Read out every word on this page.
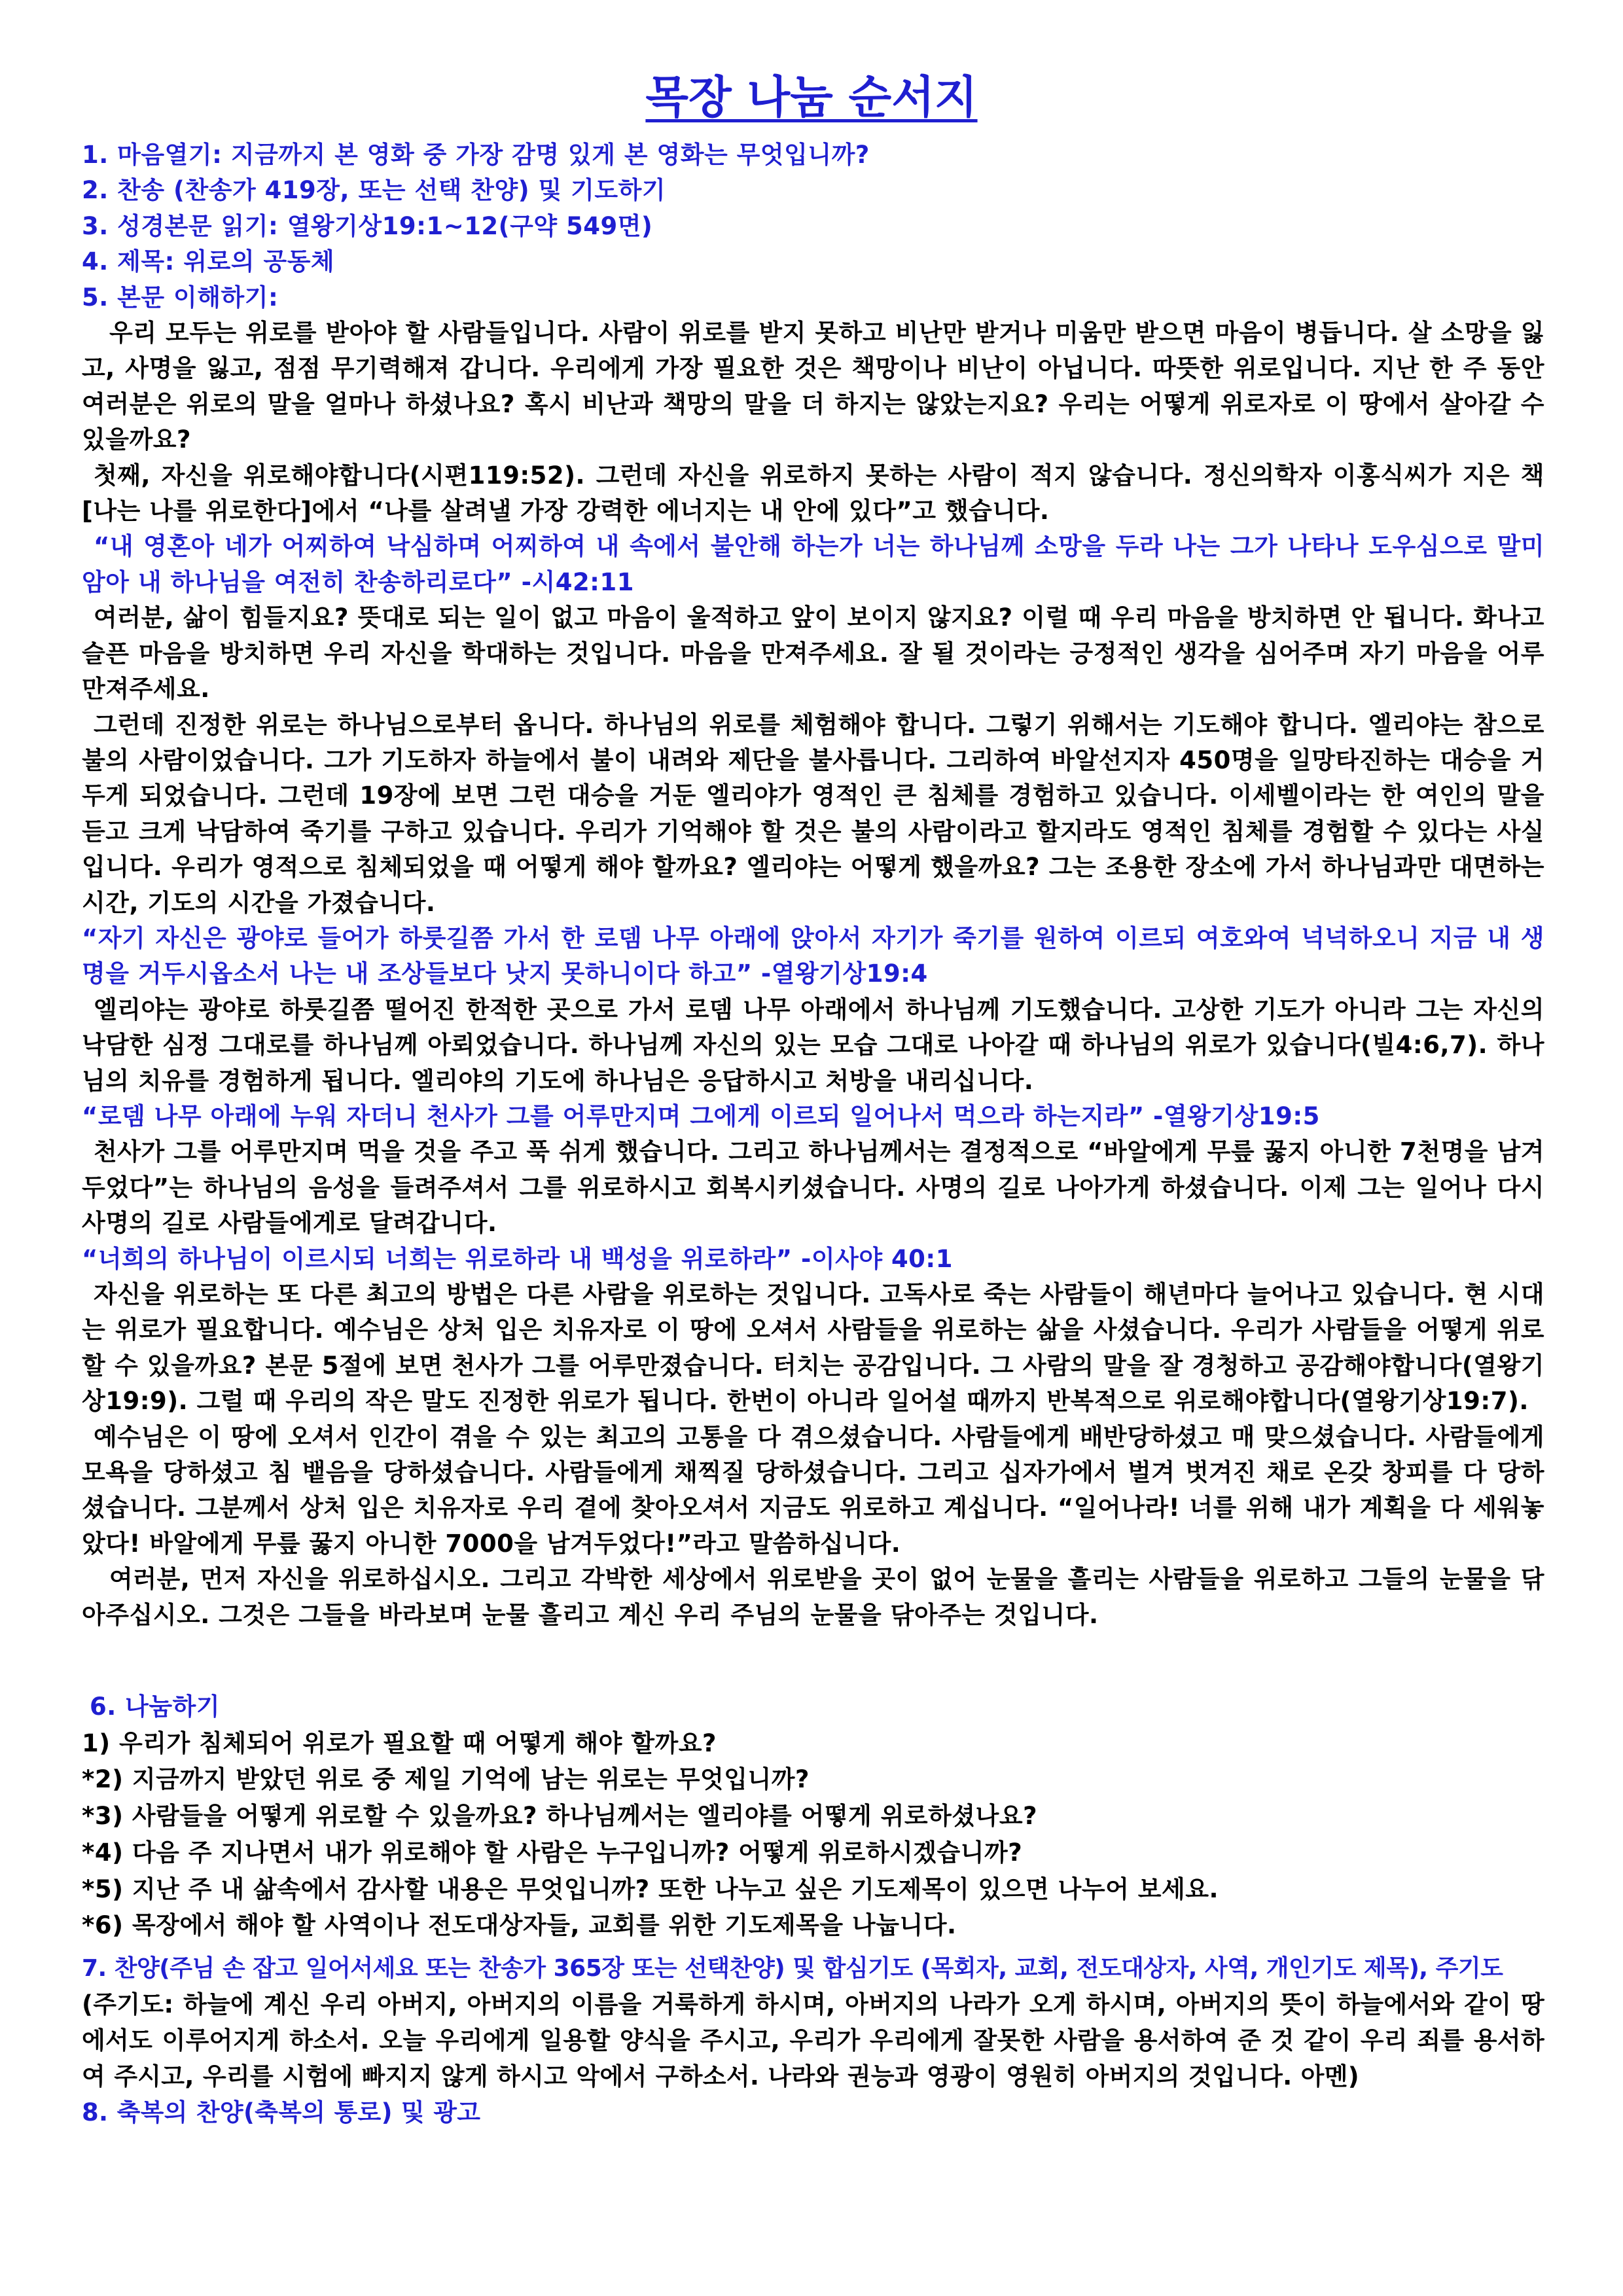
목장 나눔 순서지

1. 마음열기: 지금까지 본 영화 중 가장 감명 있게 본 영화는 무엇입니까?

2. 찬송 (찬송가 419장, 또는 선택 찬양) 및 기도하기

3. 성경본문 읽기: 열왕기상19:1~12(구약 549면)

4. 제목: 위로의 공동체

5. 본문 이해하기:

우리 모두는 위로를 받아야 할 사람들입니다. 사람이 위로를 받지 못하고 비난만 받거나 미움만 받으면 마음이 병듭니다. 살 소망을 잃고, 사명을 잃고, 점점 무기력해져 갑니다. 우리에게 가장 필요한 것은 책망이나 비난이 아닙니다. 따뜻한 위로입니다. 지난 한 주 동안 여러분은 위로의 말을 얼마나 하셨나요? 혹시 비난과 책망의 말을 더 하지는 않았는지요? 우리는 어떻게 위로자로 이 땅에서 살아갈 수 있을까요?

첫째, 자신을 위로해야합니다(시편119:52). 그런데 자신을 위로하지 못하는 사람이 적지 않습니다. 정신의학자 이홍식씨가 지은 책 [나는 나를 위로한다]에서 “나를 살려낼 가장 강력한 에너지는 내 안에 있다”고 했습니다.

“내 영혼아 네가 어찌하여 낙심하며 어찌하여 내 속에서 불안해 하는가 너는 하나님께 소망을 두라 나는 그가 나타나 도우심으로 말미암아 내 하나님을 여전히 찬송하리로다” -시42:11

여러분, 삶이 힘들지요? 뜻대로 되는 일이 없고 마음이 울적하고 앞이 보이지 않지요? 이럴 때 우리 마음을 방치하면 안 됩니다. 화나고 슬픈 마음을 방치하면 우리 자신을 학대하는 것입니다. 마음을 만져주세요. 잘 될 것이라는 긍정적인 생각을 심어주며 자기 마음을 어루만져주세요.

그런데 진정한 위로는 하나님으로부터 옵니다. 하나님의 위로를 체험해야 합니다. 그렇기 위해서는 기도해야 합니다. 엘리야는 참으로 불의 사람이었습니다. 그가 기도하자 하늘에서 불이 내려와 제단을 불사릅니다. 그리하여 바알선지자 450명을 일망타진하는 대승을 거두게 되었습니다. 그런데 19장에 보면 그런 대승을 거둔 엘리야가 영적인 큰 침체를 경험하고 있습니다. 이세벨이라는 한 여인의 말을 듣고 크게 낙담하여 죽기를 구하고 있습니다. 우리가 기억해야 할 것은 불의 사람이라고 할지라도 영적인 침체를 경험할 수 있다는 사실입니다. 우리가 영적으로 침체되었을 때 어떻게 해야 할까요? 엘리야는 어떻게 했을까요? 그는 조용한 장소에 가서 하나님과만 대면하는 시간, 기도의 시간을 가졌습니다.

“자기 자신은 광야로 들어가 하룻길쯤 가서 한 로뎀 나무 아래에 앉아서 자기가 죽기를 원하여 이르되 여호와여 넉넉하오니 지금 내 생명을 거두시옵소서 나는 내 조상들보다 낫지 못하니이다 하고” -열왕기상19:4

엘리야는 광야로 하룻길쯤 떨어진 한적한 곳으로 가서 로뎀 나무 아래에서 하나님께 기도했습니다. 고상한 기도가 아니라 그는 자신의 낙담한 심정 그대로를 하나님께 아뢰었습니다. 하나님께 자신의 있는 모습 그대로 나아갈 때 하나님의 위로가 있습니다(빌4:6,7). 하나님의 치유를 경험하게 됩니다. 엘리야의 기도에 하나님은 응답하시고 처방을 내리십니다.

“로뎀 나무 아래에 누워 자더니 천사가 그를 어루만지며 그에게 이르되 일어나서 먹으라 하는지라” -열왕기상19:5

천사가 그를 어루만지며 먹을 것을 주고 푹 쉬게 했습니다. 그리고 하나님께서는 결정적으로 “바알에게 무릎 꿇지 아니한 7천명을 남겨두었다”는 하나님의 음성을 들려주셔서 그를 위로하시고 회복시키셨습니다. 사명의 길로 나아가게 하셨습니다. 이제 그는 일어나 다시 사명의 길로 사람들에게로 달려갑니다.

“너희의 하나님이 이르시되 너희는 위로하라 내 백성을 위로하라” -이사야 40:1

자신을 위로하는 또 다른 최고의 방법은 다른 사람을 위로하는 것입니다. 고독사로 죽는 사람들이 해년마다 늘어나고 있습니다. 현 시대는 위로가 필요합니다. 예수님은 상처 입은 치유자로 이 땅에 오셔서 사람들을 위로하는 삶을 사셨습니다. 우리가 사람들을 어떻게 위로할 수 있을까요? 본문 5절에 보면 천사가 그를 어루만졌습니다. 터치는 공감입니다. 그 사람의 말을 잘 경청하고 공감해야합니다(열왕기상19:9). 그럴 때 우리의 작은 말도 진정한 위로가 됩니다. 한번이 아니라 일어설 때까지 반복적으로 위로해야합니다(열왕기상19:7).

예수님은 이 땅에 오셔서 인간이 겪을 수 있는 최고의 고통을 다 겪으셨습니다. 사람들에게 배반당하셨고 매 맞으셨습니다. 사람들에게 모욕을 당하셨고 침 뱉음을 당하셨습니다. 사람들에게 채찍질 당하셨습니다. 그리고 십자가에서 벌겨 벗겨진 채로 온갖 창피를 다 당하셨습니다. 그분께서 상처 입은 치유자로 우리 곁에 찾아오셔서 지금도 위로하고 계십니다. “일어나라! 너를 위해 내가 계획을 다 세워놓았다! 바알에게 무릎 꿇지 아니한 7000을 남겨두었다!”라고 말씀하십니다.

여러분, 먼저 자신을 위로하십시오. 그리고 각박한 세상에서 위로받을 곳이 없어 눈물을 흘리는 사람들을 위로하고 그들의 눈물을 닦아주십시오. 그것은 그들을 바라보며 눈물 흘리고 계신 우리 주님의 눈물을 닦아주는 것입니다.

6. 나눔하기

1) 우리가 침체되어 위로가 필요할 때 어떻게 해야 할까요?

*2) 지금까지 받았던 위로 중 제일 기억에 남는 위로는 무엇입니까?

*3) 사람들을 어떻게 위로할 수 있을까요? 하나님께서는 엘리야를 어떻게 위로하셨나요?

*4) 다음 주 지나면서 내가 위로해야 할 사람은 누구입니까? 어떻게 위로하시겠습니까?

*5) 지난 주 내 삶속에서 감사할 내용은 무엇입니까? 또한 나누고 싶은 기도제목이 있으면 나누어 보세요.

*6) 목장에서 해야 할 사역이나 전도대상자들, 교회를 위한 기도제목을 나눕니다.

7. 찬양(주님 손 잡고 일어서세요 또는 찬송가 365장 또는 선택찬양) 및 합심기도 (목회자, 교회, 전도대상자, 사역, 개인기도 제목), 주기도

(주기도: 하늘에 계신 우리 아버지, 아버지의 이름을 거룩하게 하시며, 아버지의 나라가 오게 하시며, 아버지의 뜻이 하늘에서와 같이 땅에서도 이루어지게 하소서. 오늘 우리에게 일용할 양식을 주시고, 우리가 우리에게 잘못한 사람을 용서하여 준 것 같이 우리 죄를 용서하여 주시고, 우리를 시험에 빠지지 않게 하시고 악에서 구하소서. 나라와 권능과 영광이 영원히 아버지의 것입니다. 아멘)

8. 축복의 찬양(축복의 통로) 및 광고
